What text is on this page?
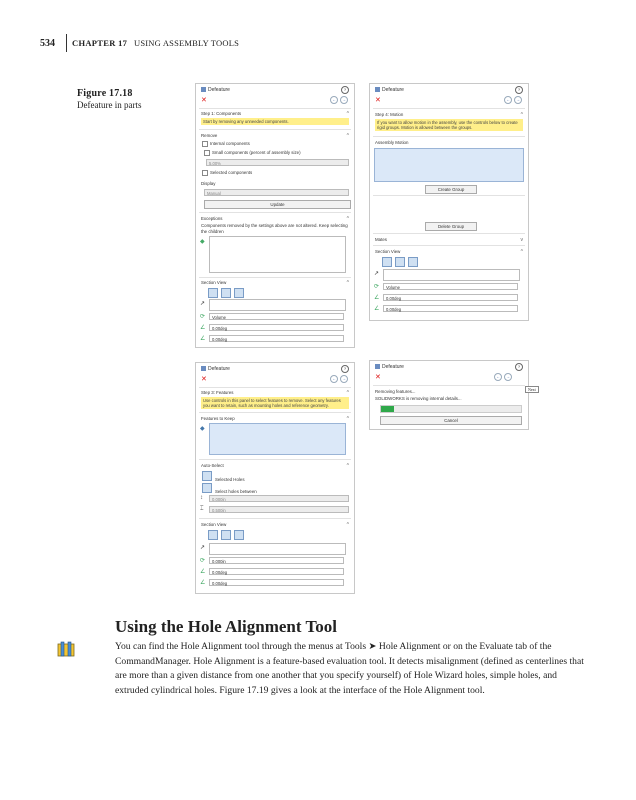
534 CHAPTER 17 USING ASSEMBLY TOOLS
Figure 17.18
Defeature in parts
Defeature	?
✕	← →
Step 1: Components	^
Start by removing any unneeded components.
Remove	^
Internal components
Small components (percent of assembly size)
5.00%
Selected components
Display
Manual
Update
Exceptions	^
Components removed by the settings above are not altered. Keep selecting the children
◆
Section View	^
↗
⟳	Volume
∠	0.00deg
∠	0.00deg
Defeature	?
✕	← →
Step 4: Motion	^
If you want to allow motion in the assembly, use the controls below to create rigid groups. Motion is allowed between the groups.
Assembly Motion
Create Group
Delete Group
Mates	v
Section View	^
↗
⟳	Volume
∠	0.00deg
∠	0.00deg
Defeature	?
✕	← →
Step 3: Features	^
Use controls in this panel to select features to remove. Select any features you want to retain, such as mounting holes and reference geometry.
Features to Keep	^
◆
Auto-Select	^
Selected Holes
Select holes between
↕	0.000in
⌶	0.500in
Section View	^
↗
⟳	0.000in
∠	0.00deg
∠	0.00deg
Defeature	?
✕	← →
Removing features...
SOLIDWORKS is removing internal details...
Cancel
Next
Using the Hole Alignment Tool

You can find the Hole Alignment tool through the menus at Tools ➤ Hole Alignment or on the Evaluate tab of the CommandManager. Hole Alignment is a feature-based evaluation tool. It detects misalignment (defined as centerlines that are more than a given distance from one another that you specify yourself) of Hole Wizard holes, simple holes, and extruded cylindrical holes. Figure 17.19 gives a look at the interface of the Hole Alignment tool.
